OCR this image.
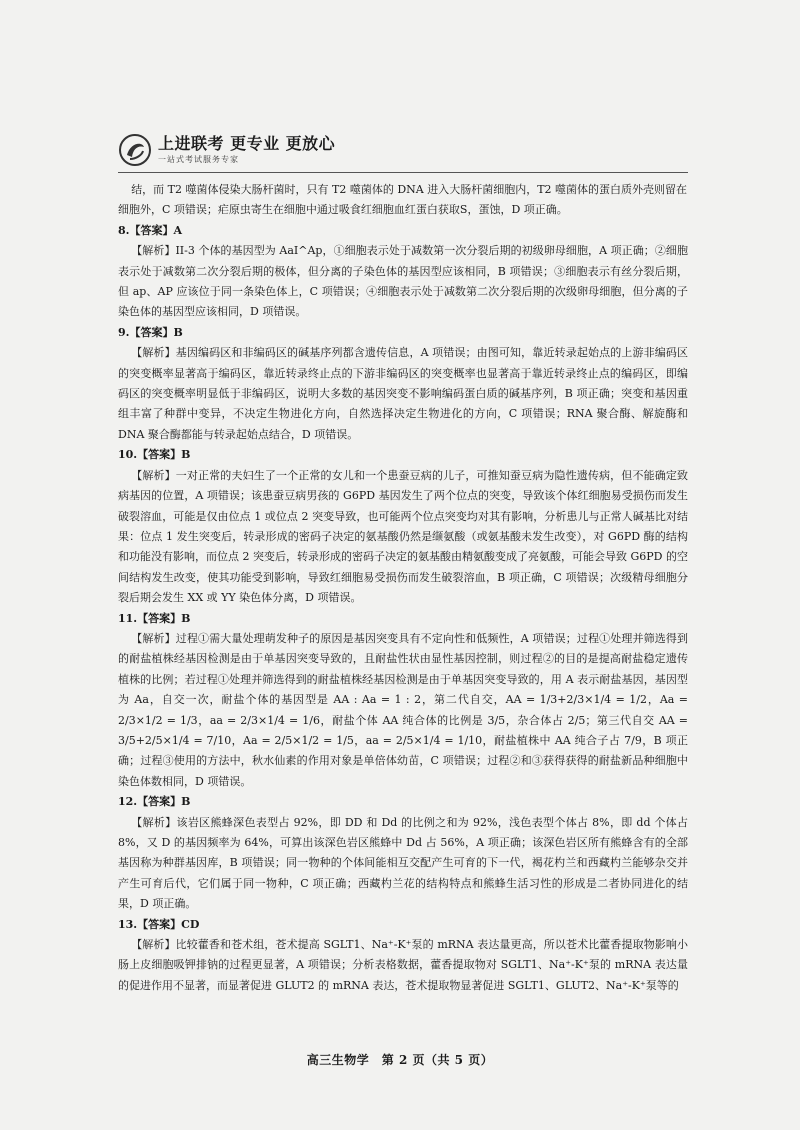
上进联考 更专业 更放心
一站式考试服务专家

结，而 T2 噬菌体侵染大肠杆菌时，只有 T2 噬菌体的 DNA 进入大肠杆菌细胞内，T2 噬菌体的蛋白质外壳则留在

细胞外，C 项错误；疟原虫寄生在细胞中通过吸食红细胞血红蛋白获取S，蛋蚀，D 项正确。

8.【答案】A

【解析】II-3 个体的基因型为 AaI^Ap，①细胞表示处于减数第一次分裂后期的初级卵母细胞，A 项正确；②细胞表示处于减数第二次分裂后期的极体，但分离的子染色体的基因型应该相同，B 项错误；③细胞表示有丝分裂后期，但 ap、AP 应该位于同一条染色体上，C 项错误；④细胞表示处于减数第二次分裂后期的次级卵母细胞，但分离的子染色体的基因型应该相同，D 项错误。

9.【答案】B

【解析】基因编码区和非编码区的碱基序列都含遗传信息，A 项错误；由图可知，靠近转录起始点的上游非编码区的突变概率显著高于编码区，靠近转录终止点的下游非编码区的突变概率也显著高于靠近转录终止点的编码区，即编码区的突变概率明显低于非编码区，说明大多数的基因突变不影响编码蛋白质的碱基序列，B 项正确；突变和基因重组丰富了种群中变异，不决定生物进化方向，自然选择决定生物进化的方向，C 项错误；RNA 聚合酶、解旋酶和 DNA 聚合酶都能与转录起始点结合，D 项错误。

10.【答案】B

【解析】一对正常的夫妇生了一个正常的女儿和一个患蚕豆病的儿子，可推知蚕豆病为隐性遗传病，但不能确定致病基因的位置，A 项错误；该患蚕豆病男孩的 G6PD 基因发生了两个位点的突变，导致该个体红细胞易受损伤而发生破裂溶血，可能是仅由位点 1 或位点 2 突变导致，也可能两个位点突变均对其有影响，分析患儿与正常人碱基比对结果：位点 1 发生突变后，转录形成的密码子决定的氨基酸仍然是缬氨酸（或氨基酸未发生改变），对 G6PD 酶的结构和功能没有影响，而位点 2 突变后，转录形成的密码子决定的氨基酸由精氨酸变成了亮氨酸，可能会导致 G6PD 的空间结构发生改变，使其功能受到影响，导致红细胞易受损伤而发生破裂溶血，B 项正确，C 项错误；次级精母细胞分裂后期会发生 XX 或 YY 染色体分离，D 项错误。

11.【答案】B

【解析】过程①需大量处理萌发种子的原因是基因突变具有不定向性和低频性，A 项错误；过程①处理并筛选得到的耐盐植株经基因检测是由于单基因突变导致的，且耐盐性状由显性基因控制，则过程②的目的是提高耐盐稳定遗传植株的比例；若过程①处理并筛选得到的耐盐植株经基因检测是由于单基因突变导致的，用 A 表示耐盐基因，基因型为 Aa，自交一次，耐盐个体的基因型是 AA : Aa = 1 : 2，第二代自交，AA = 1/3+2/3×1/4 = 1/2，Aa = 2/3×1/2 = 1/3，aa = 2/3×1/4 = 1/6，耐盐个体 AA 纯合体的比例是 3/5，杂合体占 2/5；第三代自交 AA = 3/5+2/5×1/4 = 7/10，Aa = 2/5×1/2 = 1/5，aa = 2/5×1/4 = 1/10，耐盐植株中 AA 纯合子占 7/9，B 项正确；过程③使用的方法中，秋水仙素的作用对象是单倍体幼苗，C 项错误；过程②和③获得获得的耐盐新品种细胞中染色体数相同，D 项错误。

12.【答案】B

【解析】该岩区熊蜂深色表型占 92%，即 DD 和 Dd 的比例之和为 92%，浅色表型个体占 8%，即 dd 个体占 8%，又 D 的基因频率为 64%，可算出该深色岩区熊蜂中 Dd 占 56%，A 项正确；该深色岩区所有熊蜂含有的全部基因称为种群基因库，B 项错误；同一物种的个体间能相互交配产生可育的下一代，褐花杓兰和西藏杓兰能够杂交并产生可育后代，它们属于同一物种，C 项正确；西藏杓兰花的结构特点和熊蜂生活习性的形成是二者协同进化的结果，D 项正确。

13.【答案】CD

【解析】比较藿香和苍术组，苍术提高 SGLT1、Na⁺-K⁺泵的 mRNA 表达量更高，所以苍术比藿香提取物影响小肠上皮细胞吸钾排钠的过程更显著，A 项错误；分析表格数据，藿香提取物对 SGLT1、Na⁺-K⁺泵的 mRNA 表达量的促进作用不显著，而显著促进 GLUT2 的 mRNA 表达，苍术提取物显著促进 SGLT1、GLUT2、Na⁺-K⁺泵等的

高三生物学　第 2 页（共 5 页）
